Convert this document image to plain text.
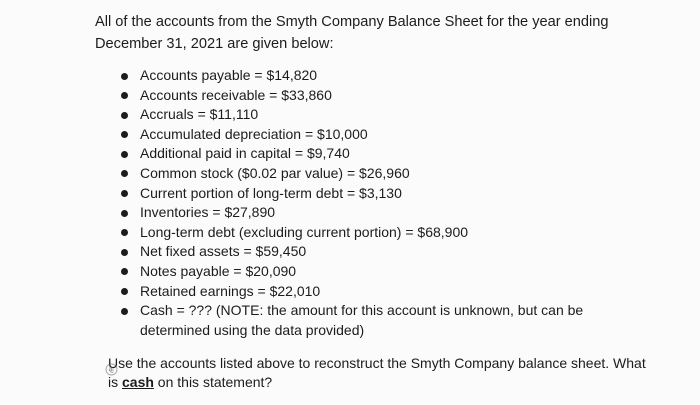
All of the accounts from the Smyth Company Balance Sheet for the year ending
December 31, 2021 are given below:
Accounts payable = $14,820
Accounts receivable = $33,860
Accruals = $11,110
Accumulated depreciation = $10,000
Additional paid in capital = $9,740
Common stock ($0.02 par value) = $26,960
Current portion of long-term debt = $3,130
Inventories = $27,890
Long-term debt (excluding current portion) = $68,900
Net fixed assets = $59,450
Notes payable = $20,090
Retained earnings = $22,010
Cash = ??? (NOTE: the amount for this account is unknown, but can be
determined using the data provided)
Use the accounts listed above to reconstruct the Smyth Company balance sheet. What
is cash on this statement?
